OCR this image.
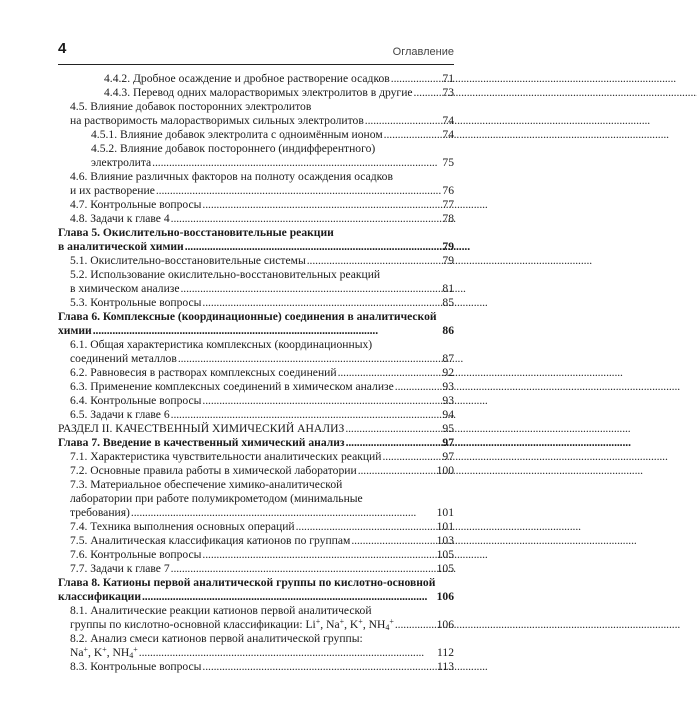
4	Оглавление
4.4.2. Дробное осаждение и дробное растворение осадков . . .	71
4.4.3. Перевод одних малорастворимых электролитов в другие . . .	73
4.5. Влияние добавок посторонних электролитов
на растворимость малорастворимых сильных электролитов . . .	74
4.5.1. Влияние добавок электролита с одноимённым ионом . . .	74
4.5.2. Влияние добавок постороннего (индифферентного)
электролита . . .	75
4.6. Влияние различных факторов на полноту осаждения осадков
и их растворение . . .	76
4.7. Контрольные вопросы . . .	77
4.8. Задачи к главе 4 . . .	78
Глава 5. Окислительно-восстановительные реакции
в аналитической химии . . .	79
5.1. Окислительно-восстановительные системы . . .	79
5.2. Использование окислительно-восстановительных реакций
в химическом анализе . . .	81
5.3. Контрольные вопросы . . .	85
Глава 6. Комплексные (координационные) соединения в аналитической
химии . . .	86
6.1. Общая характеристика комплексных (координационных)
соединений металлов . . .	87
6.2. Равновесия в растворах комплексных соединений . . .	92
6.3. Применение комплексных соединений в химическом анализе . . .	93
6.4. Контрольные вопросы . . .	93
6.5. Задачи к главе 6 . . .	94
РАЗДЕЛ II. КАЧЕСТВЕННЫЙ ХИМИЧЕСКИЙ АНАЛИЗ . . .	95
Глава 7. Введение в качественный химический анализ . . .	97
7.1. Характеристика чувствительности аналитических реакций . . .	97
7.2. Основные правила работы в химической лаборатории . . .	100
7.3. Материальное обеспечение химико-аналитической
лаборатории при работе полумикрометодом (минимальные
требования) . . .	101
7.4. Техника выполнения основных операций . . .	101
7.5. Аналитическая классификация катионов по группам . . .	103
7.6. Контрольные вопросы . . .	105
7.7. Задачи к главе 7 . . .	105
Глава 8. Катионы первой аналитической группы по кислотно-основной
классификации . . .	106
8.1. Аналитические реакции катионов первой аналитической
группы по кислотно-основной классификации: Li+, Na+, K+, $NH_4^+$ . . .	106
8.2. Анализ смеси катионов первой аналитической группы:
Na+, K+, $NH_4^+$ . . .	112
8.3. Контрольные вопросы . . .	113
